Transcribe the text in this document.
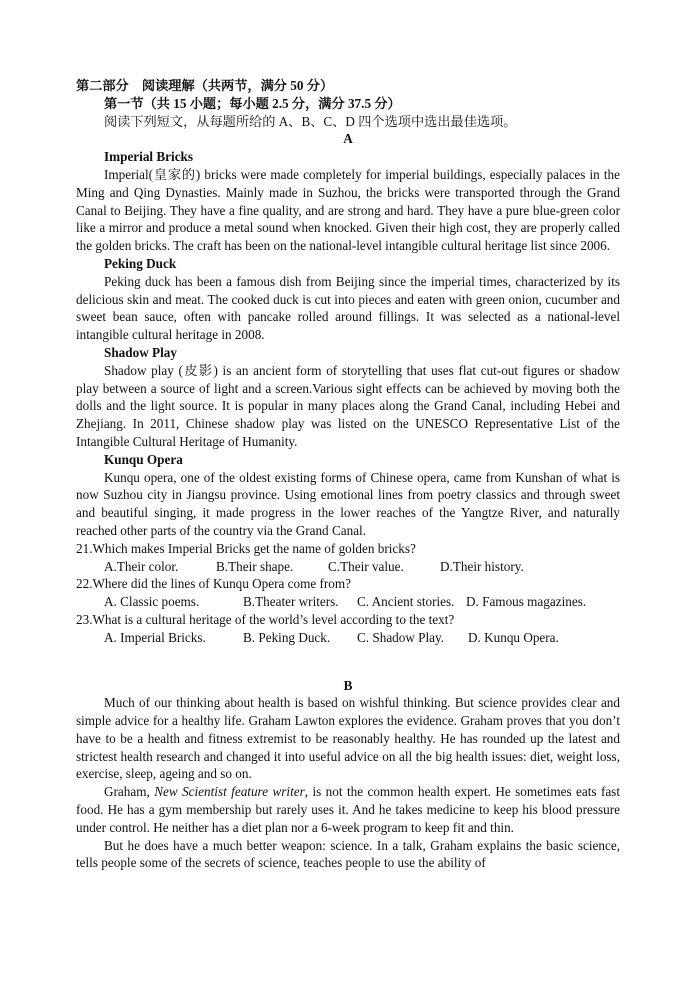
第二部分　阅读理解（共两节，满分 50 分）
第一节（共 15 小题；每小题 2.5 分，满分 37.5 分）
阅读下列短文，从每题所给的 A、B、C、D 四个选项中选出最佳选项。
A
Imperial Bricks

Imperial(皇家的) bricks were made completely for imperial buildings, especially palaces in the Ming and Qing Dynasties. Mainly made in Suzhou, the bricks were transported through the Grand Canal to Beijing. They have a fine quality, and are strong and hard. They have a pure blue-green color like a mirror and produce a metal sound when knocked. Given their high cost, they are properly called the golden bricks. The craft has been on the national-level intangible cultural heritage list since 2006.

Peking Duck

Peking duck has been a famous dish from Beijing since the imperial times, characterized by its delicious skin and meat. The cooked duck is cut into pieces and eaten with green onion, cucumber and sweet bean sauce, often with pancake rolled around fillings. It was selected as a national-level intangible cultural heritage in 2008.

Shadow Play

Shadow play (皮影) is an ancient form of storytelling that uses flat cut-out figures or shadow play between a source of light and a screen.Various sight effects can be achieved by moving both the dolls and the light source. It is popular in many places along the Grand Canal, including Hebei and Zhejiang. In 2011, Chinese shadow play was listed on the UNESCO Representative List of the Intangible Cultural Heritage of Humanity.

Kunqu Opera

Kunqu opera, one of the oldest existing forms of Chinese opera, came from Kunshan of what is now Suzhou city in Jiangsu province. Using emotional lines from poetry classics and through sweet and beautiful singing, it made progress in the lower reaches of the Yangtze River, and naturally reached other parts of the country via the Grand Canal.

21.Which makes Imperial Bricks get the name of golden bricks?
A.Their color.	B.Their shape.	C.Their value.	D.Their history.
22.Where did the lines of Kunqu Opera come from?
A. Classic poems.	B.Theater writers.	C. Ancient stories. D. Famous magazines.
23.What is a cultural heritage of the world’s level according to the text?
A. Imperial Bricks.	B. Peking Duck.	C. Shadow Play.	D. Kunqu Opera.
B

Much of our thinking about health is based on wishful thinking. But science provides clear and simple advice for a healthy life. Graham Lawton explores the evidence. Graham proves that you don’t have to be a health and fitness extremist to be reasonably healthy. He has rounded up the latest and strictest health research and changed it into useful advice on all the big health issues: diet, weight loss, exercise, sleep, ageing and so on.

Graham, New Scientist feature writer, is not the common health expert. He sometimes eats fast food. He has a gym membership but rarely uses it. And he takes medicine to keep his blood pressure under control. He neither has a diet plan nor a 6-week program to keep fit and thin.

But he does have a much better weapon: science. In a talk, Graham explains the basic science, tells people some of the secrets of science, teaches people to use the ability of
